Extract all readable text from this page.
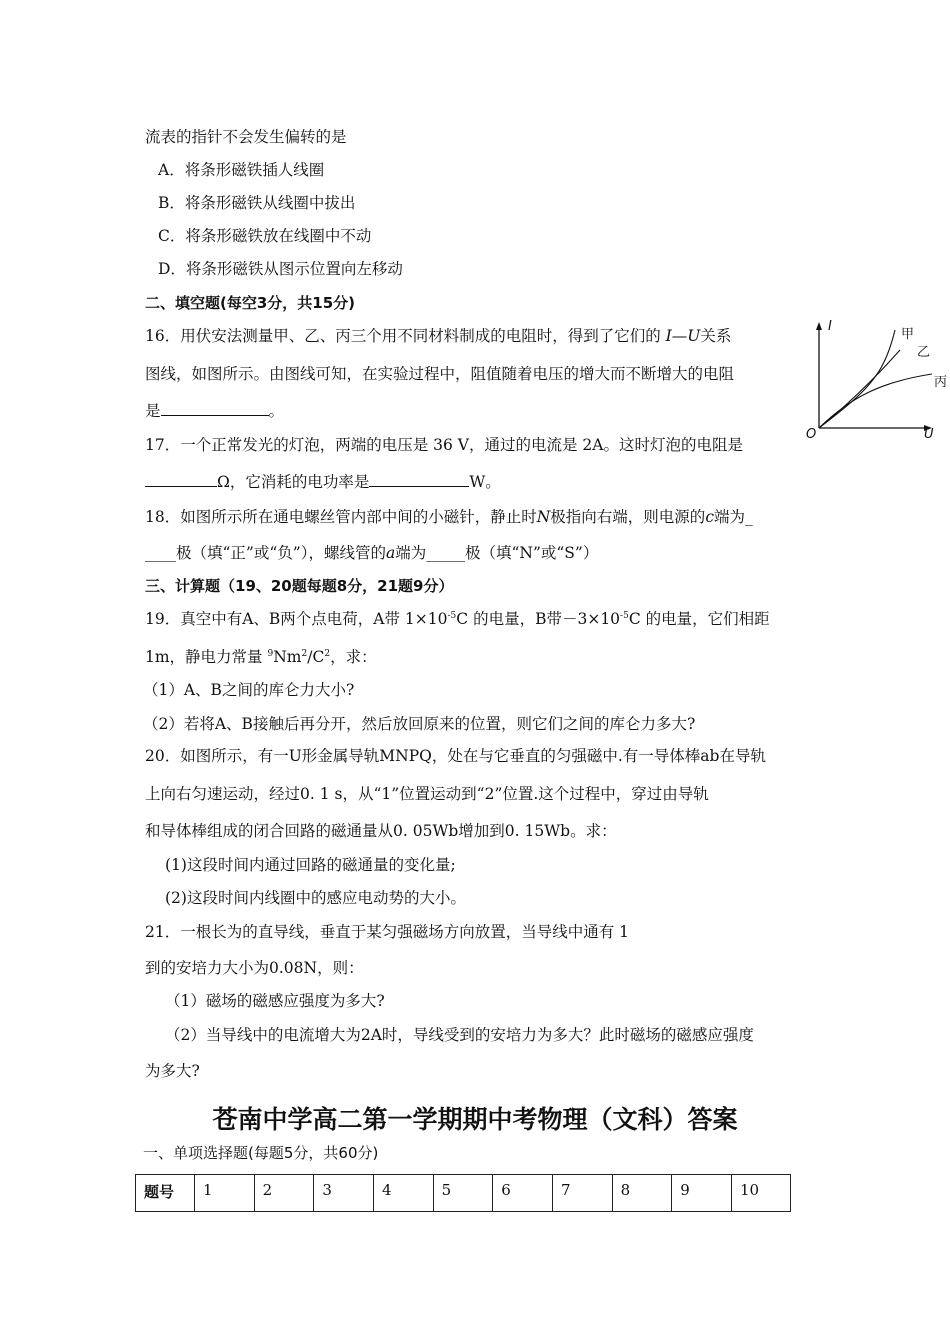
流表的指针不会发生偏转的是
A．将条形磁铁插人线圈
B．将条形磁铁从线圈中拔出
C．将条形磁铁放在线圈中不动
D．将条形磁铁从图示位置向左移动
二、填空题(每空3分，共15分)
16．用伏安法测量甲、乙、丙三个用不同材料制成的电阻时，得到了它们的 I—U关系
图线，如图所示。由图线可知，在实验过程中，阻值随着电压的增大而不断增大的电阻
是	。
I
U
O
甲
乙
丙
17．一个正常发光的灯泡，两端的电压是 36 V，通过的电流是 2A。这时灯泡的电阻是
Ω，它消耗的电功率是	W。
18．如图所示所在通电螺丝管内部中间的小磁针，静止时N极指向右端，则电源的c端为_
____极（填“正”或“负”），螺线管的a端为_____极（填“N”或“S”）
三、计算题（19、20题每题8分，21题9分）
19．真空中有A、B两个点电荷，A带 $1\times 10^{-5}C$ 的电量，B带$-3\times 10^{-5}C$ 的电量，它们相距
1m，静电力常量 $^9Nm^2/C^2$，求：
（1）A、B之间的库仑力大小?
（2）若将A、B接触后再分开，然后放回原来的位置，则它们之间的库仑力多大?
20．如图所示，有一U形金属导轨MNPQ，处在与它垂直的匀强磁中.有一导体棒ab在导轨
上向右匀速运动，经过0. 1 s，从“1”位置运动到“2”位置.这个过程中，穿过由导轨
和导体棒组成的闭合回路的磁通量从0. 05Wb增加到0. 15Wb。求：
(1)这段时间内通过回路的磁通量的变化量;
(2)这段时间内线圈中的感应电动势的大小。
21．一根长为的直导线，垂直于某匀强磁场方向放置，当导线中通有 1
到的安培力大小为0.08N，则：
（1）磁场的磁感应强度为多大?
（2）当导线中的电流增大为2A时，导线受到的安培力为多大？此时磁场的磁感应强度
为多大?
苍南中学高二第一学期期中考物理（文科）答案
一、单项选择题(每题5分，共60分)
题号	1	2	3	4	5	6	7	8	9	10
